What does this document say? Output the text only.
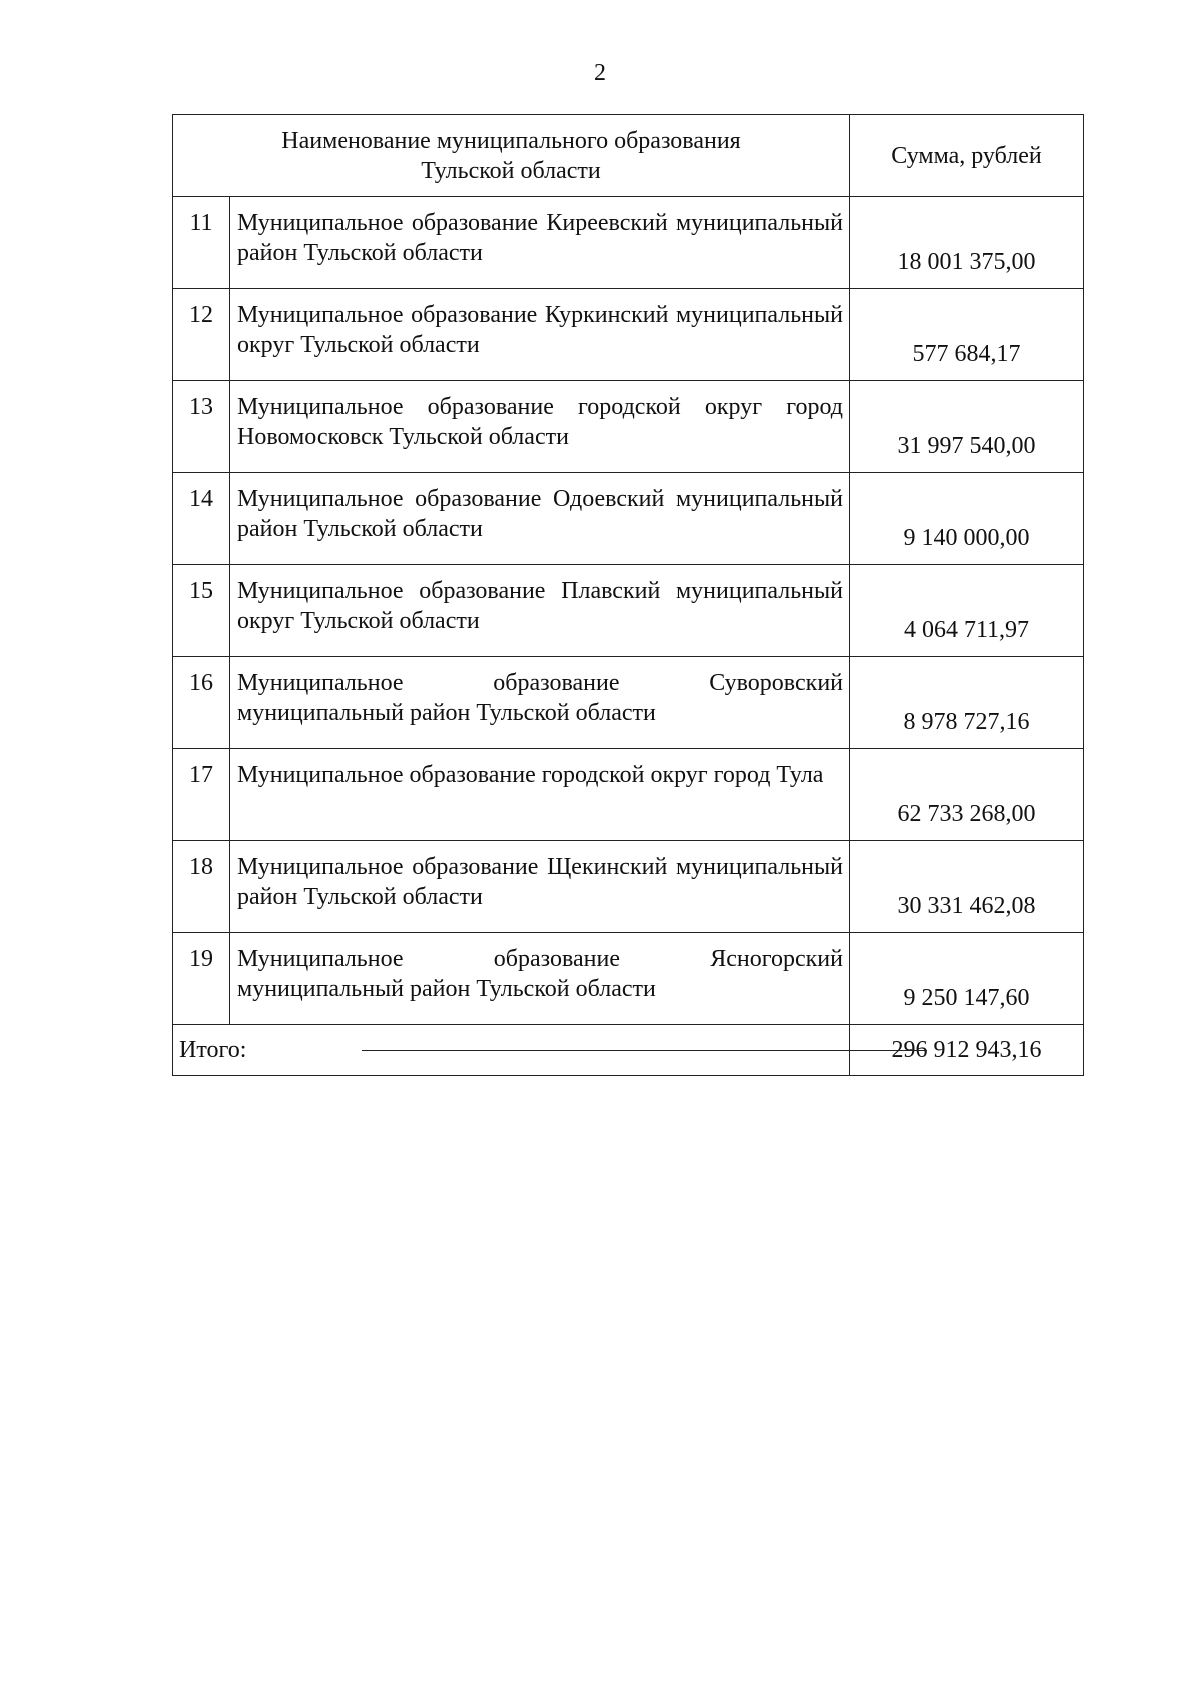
2
Наименование муниципального образования
Тульской области		Сумма, рублей
11	Муниципальное образование Киреевский муниципальный район Тульской области	18 001 375,00
12	Муниципальное образование Куркинский муниципальный округ Тульской области	577 684,17
13	Муниципальное образование городской округ город Новомосковск Тульской области	31 997 540,00
14	Муниципальное образование Одоевский муниципальный район Тульской области	9 140 000,00
15	Муниципальное образование Плавский муниципальный округ Тульской области	4 064 711,97
16	Муниципальное образование Суворовский муниципальный район Тульской области	8 978 727,16
17	Муниципальное образование городской округ город Тула	62 733 268,00
18	Муниципальное образование Щекинский муниципальный район Тульской области	30 331 462,08
19	Муниципальное образование Ясногорский муниципальный район Тульской области	9 250 147,60
Итого:		296 912 943,16
